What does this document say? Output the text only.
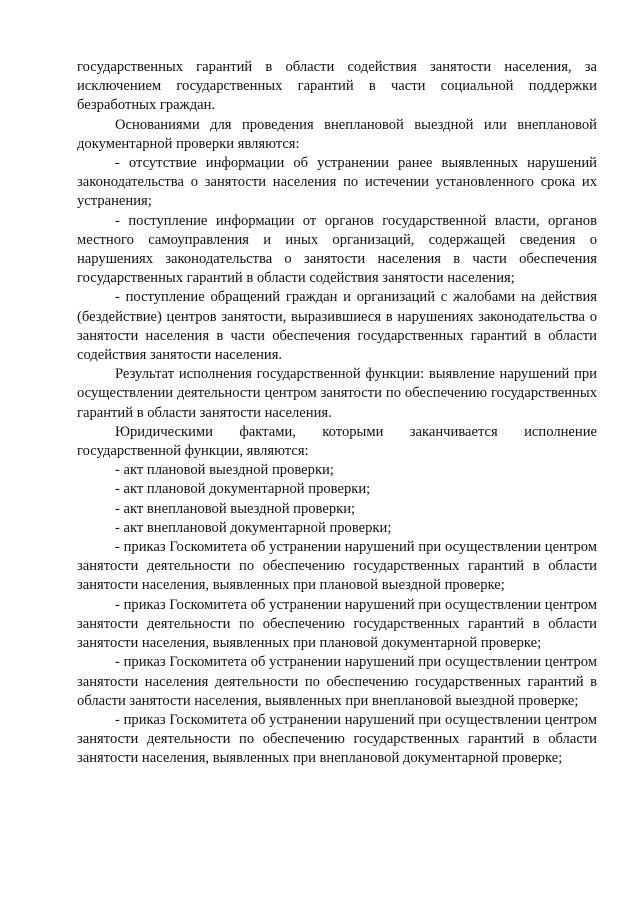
государственных гарантий в области содействия занятости населения, за исключением государственных гарантий в части социальной поддержки безработных граждан.

Основаниями для проведения внеплановой выездной или внеплановой документарной проверки являются:

- отсутствие информации об устранении ранее выявленных нарушений законодательства о занятости населения по истечении установленного срока их устранения;

- поступление информации от органов государственной власти, органов местного самоуправления и иных организаций, содержащей сведения о нарушениях законодательства о занятости населения в части обеспечения государственных гарантий в области содействия занятости населения;

- поступление обращений граждан и организаций с жалобами на действия (бездействие) центров занятости, выразившиеся в нарушениях законодательства о занятости населения в части обеспечения государственных гарантий в области содействия занятости населения.

Результат исполнения государственной функции: выявление нарушений при осуществлении деятельности центром занятости по обеспечению государственных гарантий в области занятости населения.

Юридическими фактами, которыми заканчивается исполнение государственной функции, являются:

- акт плановой выездной проверки;

- акт плановой документарной проверки;

- акт внеплановой выездной проверки;

- акт внеплановой документарной проверки;

- приказ Госкомитета об устранении нарушений при осуществлении центром занятости деятельности по обеспечению государственных гарантий в области занятости населения, выявленных при плановой выездной проверке;

- приказ Госкомитета об устранении нарушений при осуществлении центром занятости деятельности по обеспечению государственных гарантий в области занятости населения, выявленных при плановой документарной проверке;

- приказ Госкомитета об устранении нарушений при осуществлении центром занятости населения деятельности по обеспечению государственных гарантий в области занятости населения, выявленных при внеплановой выездной проверке;

- приказ Госкомитета об устранении нарушений при осуществлении центром занятости деятельности по обеспечению государственных гарантий в области занятости населения, выявленных при внеплановой документарной проверке;
